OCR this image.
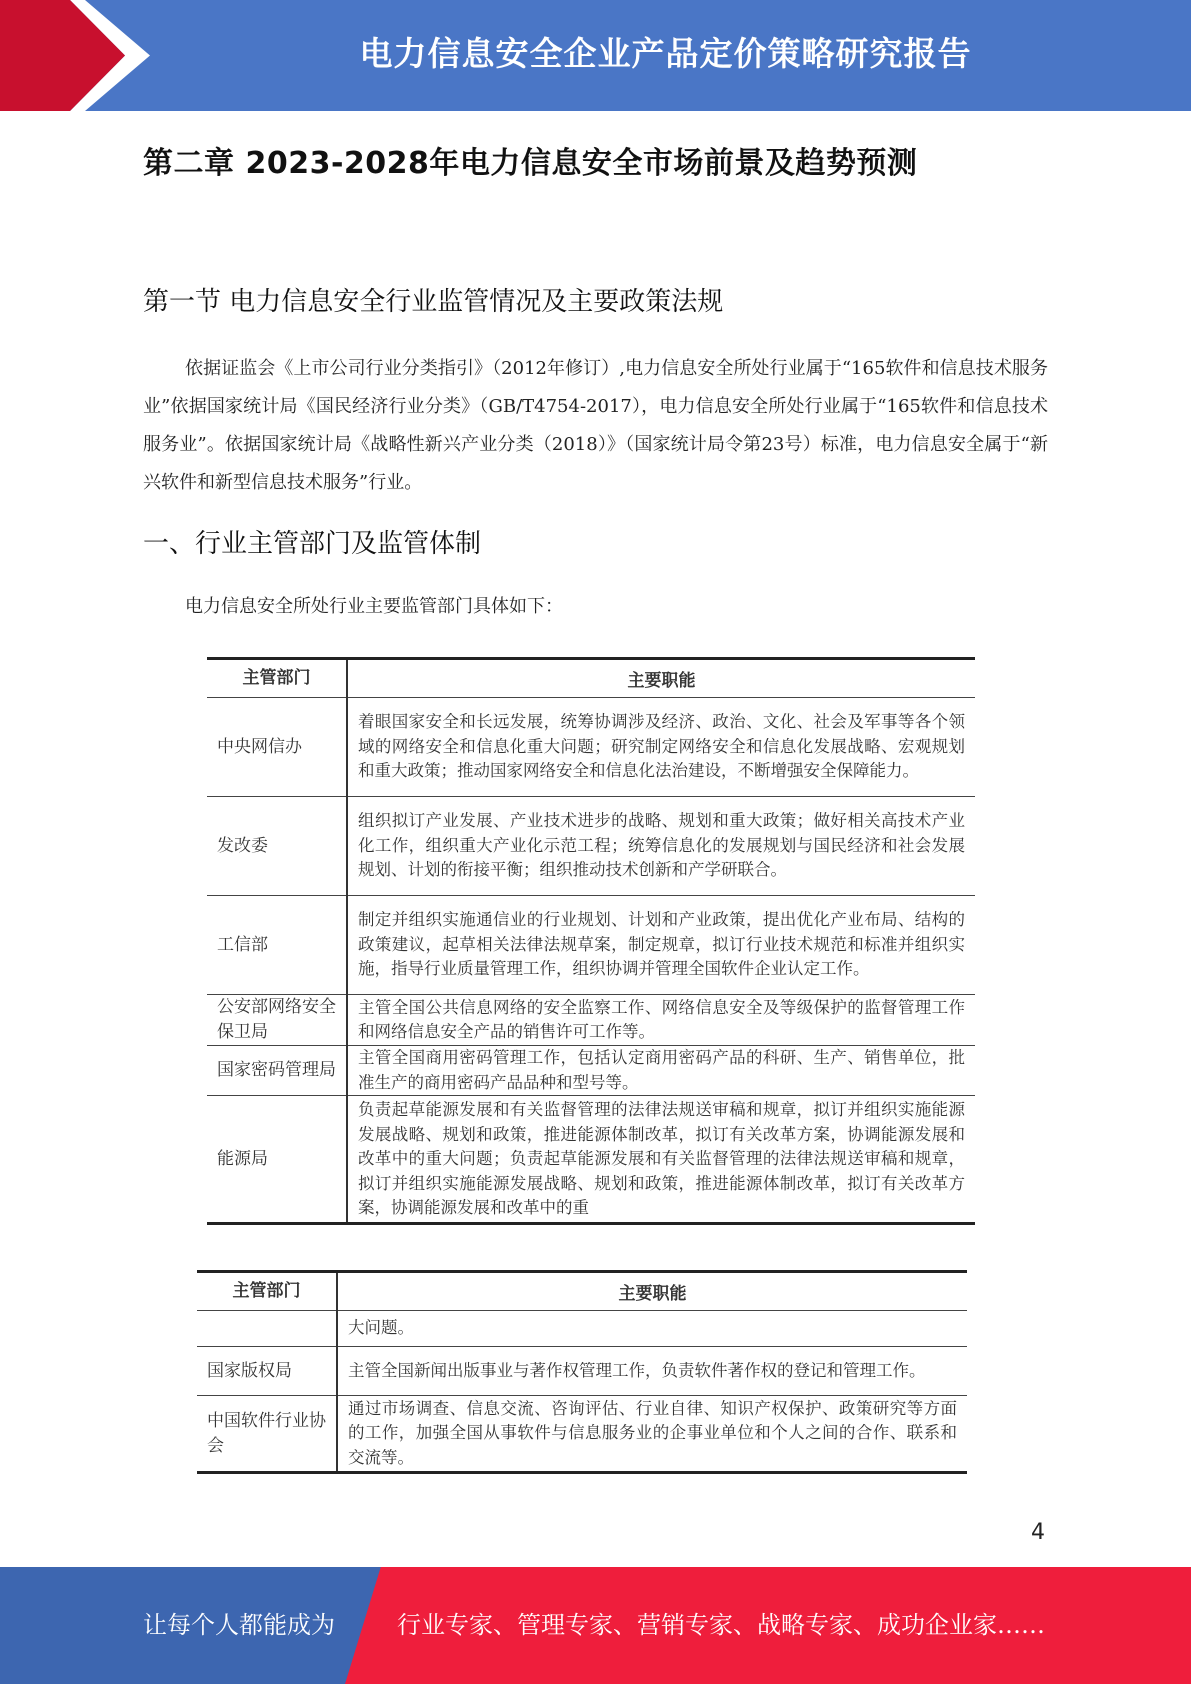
电力信息安全企业产品定价策略研究报告
第二章 2023-2028年电力信息安全市场前景及趋势预测
第一节 电力信息安全行业监管情况及主要政策法规
依据证监会《上市公司行业分类指引》（2012年修订）,电力信息安全所处行业属于“165软件和信息技术服务业”依据国家统计局《国民经济行业分类》（GB/T4754-2017），电力信息安全所处行业属于“165软件和信息技术服务业”。依据国家统计局《战略性新兴产业分类（2018）》（国家统计局令第23号）标准，电力信息安全属于“新兴软件和新型信息技术服务”行业。
一、行业主管部门及监管体制
电力信息安全所处行业主要监管部门具体如下：
主管部门	主要职能
中央网信办	着眼国家安全和长远发展，统筹协调涉及经济、政治、文化、社会及军事等各个领域的网络安全和信息化重大问题；研究制定网络安全和信息化发展战略、宏观规划和重大政策；推动国家网络安全和信息化法治建设，不断增强安全保障能力。
发改委	组织拟订产业发展、产业技术进步的战略、规划和重大政策；做好相关高技术产业化工作，组织重大产业化示范工程；统筹信息化的发展规划与国民经济和社会发展规划、计划的衔接平衡；组织推动技术创新和产学研联合。
工信部	制定并组织实施通信业的行业规划、计划和产业政策，提出优化产业布局、结构的政策建议，起草相关法律法规草案，制定规章，拟订行业技术规范和标准并组织实施，指导行业质量管理工作，组织协调并管理全国软件企业认定工作。
公安部网络安全保卫局	主管全国公共信息网络的安全监察工作、网络信息安全及等级保护的监督管理工作和网络信息安全产品的销售许可工作等。
国家密码管理局	主管全国商用密码管理工作，包括认定商用密码产品的科研、生产、销售单位，批准生产的商用密码产品品种和型号等。
能源局	负责起草能源发展和有关监督管理的法律法规送审稿和规章，拟订并组织实施能源发展战略、规划和政策，推进能源体制改革，拟订有关改革方案，协调能源发展和改革中的重大问题；负责起草能源发展和有关监督管理的法律法规送审稿和规章，拟订并组织实施能源发展战略、规划和政策，推进能源体制改革，拟订有关改革方案，协调能源发展和改革中的重
主管部门	主要职能
	大问题。
国家版权局	主管全国新闻出版事业与著作权管理工作，负责软件著作权的登记和管理工作。
中国软件行业协会	通过市场调查、信息交流、咨询评估、行业自律、知识产权保护、政策研究等方面的工作，加强全国从事软件与信息服务业的企事业单位和个人之间的合作、联系和交流等。
4
让每个人都能成为	行业专家、管理专家、营销专家、战略专家、成功企业家……
